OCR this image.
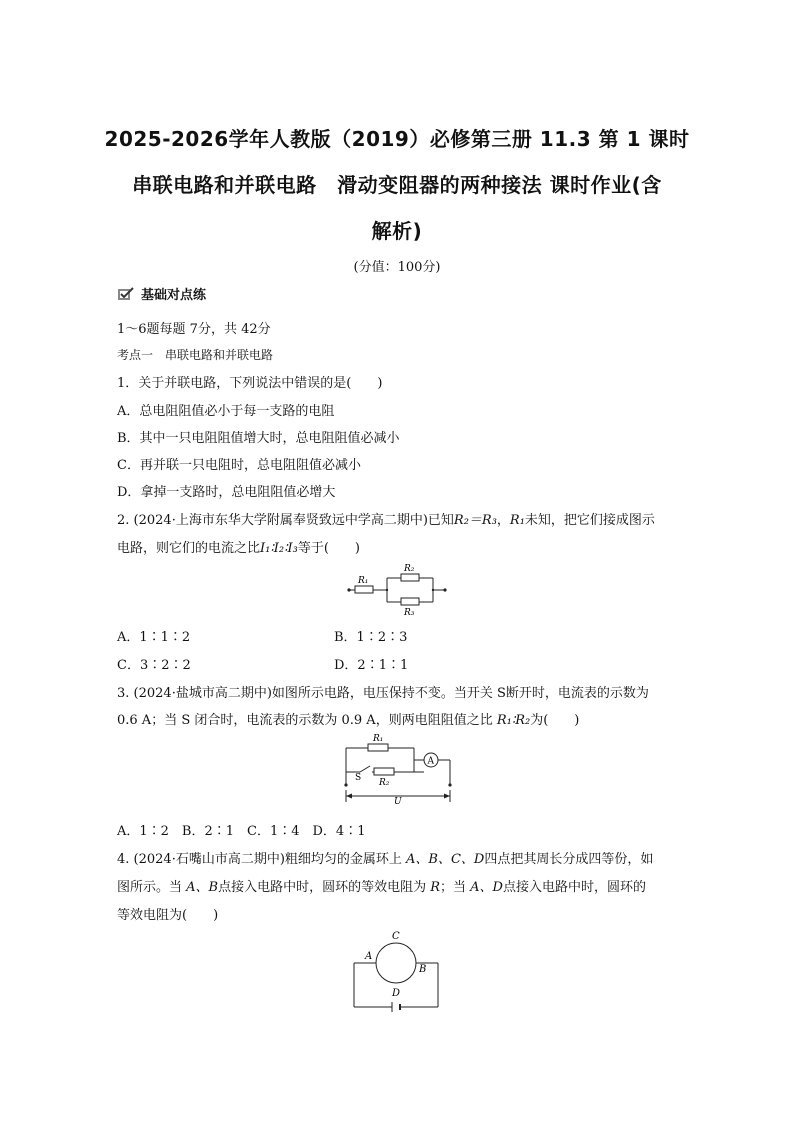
2025-2026学年人教版（2019）必修第三册 11.3 第 1 课时
串联电路和并联电路　滑动变阻器的两种接法 课时作业(含
解析)
(分值：100分)
基础对点练
1～6题每题 7分，共 42分
考点一　串联电路和并联电路
1．关于并联电路，下列说法中错误的是(　　)
A．总电阻阻值必小于每一支路的电阻
B．其中一只电阻阻值增大时，总电阻阻值必减小
C．再并联一只电阻时，总电阻阻值必减小
D．拿掉一支路时，总电阻阻值必增大
2. (2024·上海市东华大学附属奉贤致远中学高二期中)已知R₂＝R₃，R₁未知，把它们接成图示
电路，则它们的电流之比I₁∶I₂∶I₃等于(　　)
R₁
R₂
R₃
A．1∶1∶2	B．1∶2∶3
C．3∶2∶2	D．2∶1∶1
3. (2024·盐城市高二期中)如图所示电路，电压保持不变。当开关 S断开时，电流表的示数为
0.6 A；当 S 闭合时，电流表的示数为 0.9 A，则两电阻阻值之比 R₁∶R₂为(　　)
R₁
R₂
A
S
U
A．1∶2　B．2∶1　C．1∶4　D．4∶1
4. (2024·石嘴山市高二期中)粗细均匀的金属环上 A、B、C、D四点把其周长分成四等份，如
图所示。当 A、B点接入电路中时，圆环的等效电阻为 R；当 A、D点接入电路中时，圆环的
等效电阻为(　　)
C
A
B
D
